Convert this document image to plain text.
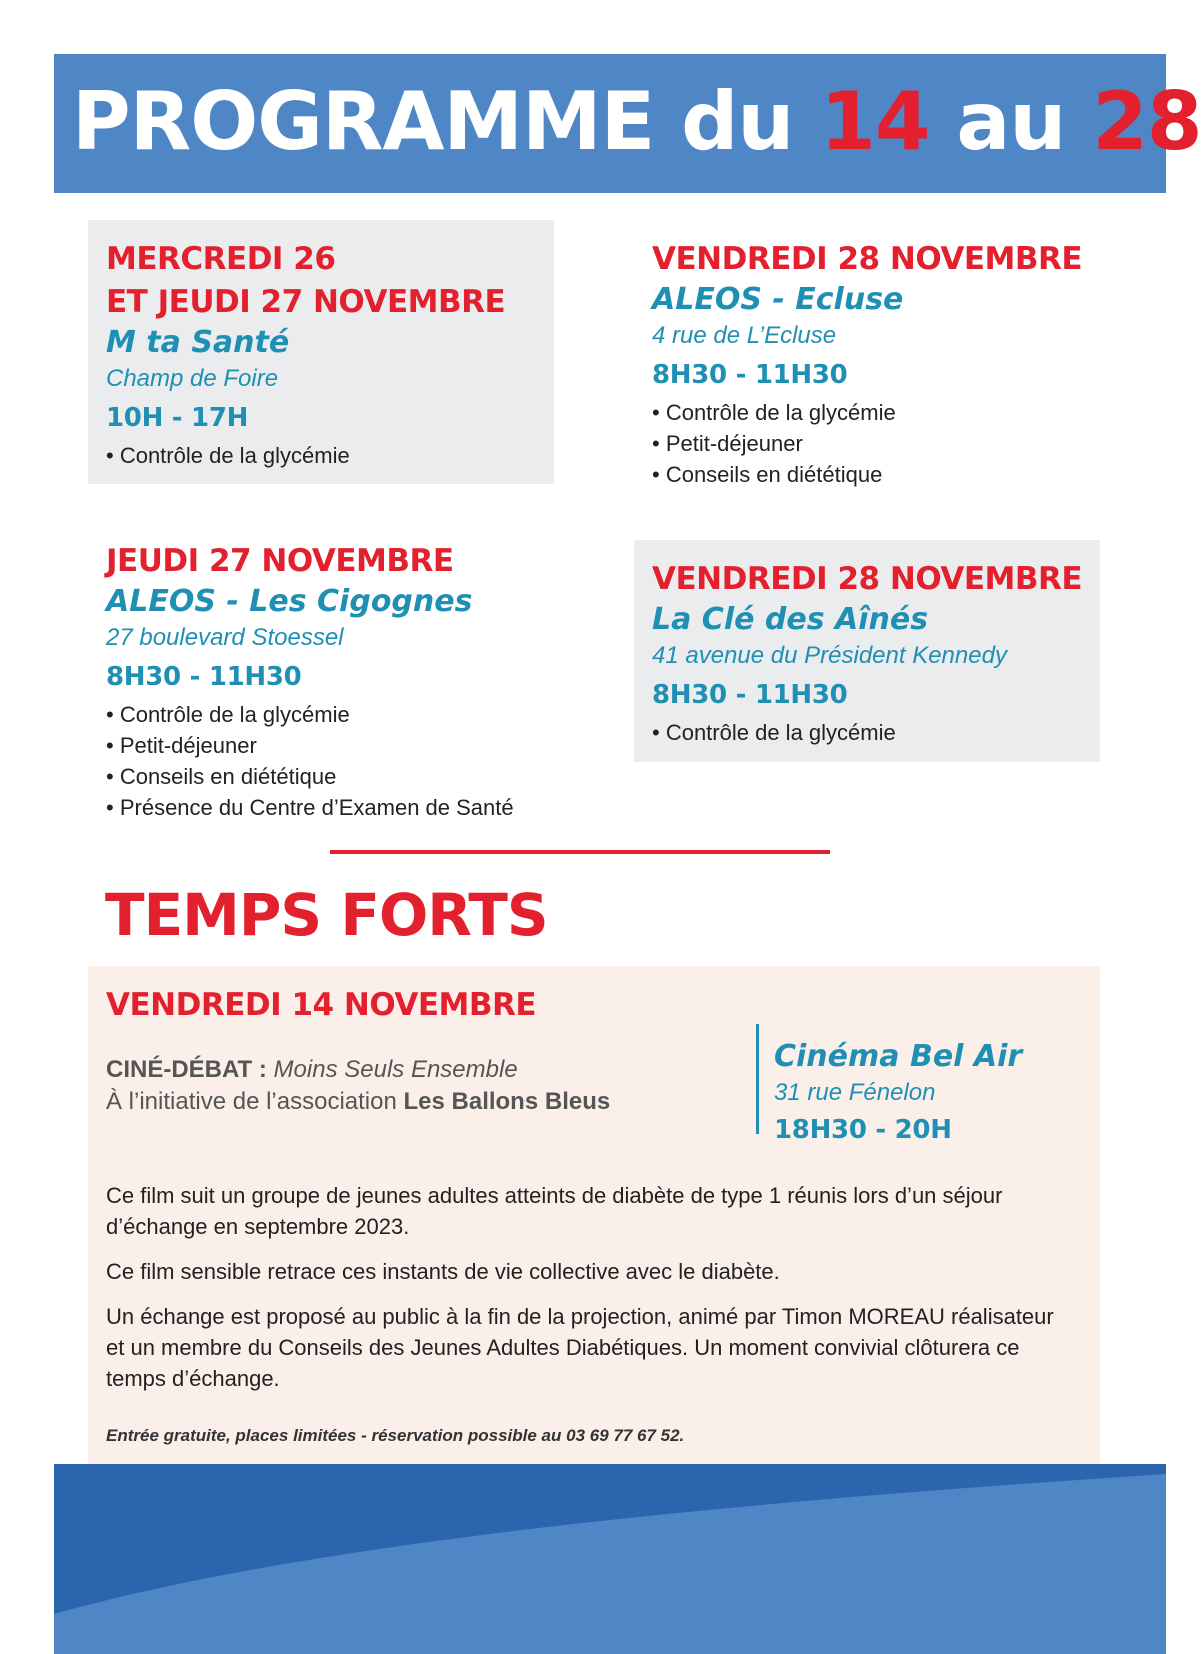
PROGRAMME du 14 au 28
MERCREDI 26
ET JEUDI 27 NOVEMBRE
M ta Santé
Champ de Foire
10H - 17H
• Contrôle de la glycémie
VENDREDI 28 NOVEMBRE
ALEOS - Ecluse
4 rue de L’Ecluse
8H30 - 11H30
• Contrôle de la glycémie
• Petit-déjeuner
• Conseils en diététique
JEUDI 27 NOVEMBRE
ALEOS - Les Cigognes
27 boulevard Stoessel
8H30 - 11H30
• Contrôle de la glycémie
• Petit-déjeuner
• Conseils en diététique
• Présence du Centre d’Examen de Santé
VENDREDI 28 NOVEMBRE
La Clé des Aînés
41 avenue du Président Kennedy
8H30 - 11H30
• Contrôle de la glycémie
TEMPS FORTS
VENDREDI 14 NOVEMBRE
CINÉ-DÉBAT : Moins Seuls Ensemble
À l’initiative de l’association Les Ballons Bleus
Cinéma Bel Air
31 rue Fénelon
18H30 - 20H

Ce film suit un groupe de jeunes adultes atteints de diabète de type 1 réunis lors d’un séjour d’échange en septembre 2023.

Ce film sensible retrace ces instants de vie collective avec le diabète.

Un échange est proposé au public à la fin de la projection, animé par Timon MOREAU réalisateur et un membre du Conseils des Jeunes Adultes Diabétiques. Un moment convivial clôturera ce temps d’échange.

Entrée gratuite, places limitées - réservation possible au 03 69 77 67 52.
